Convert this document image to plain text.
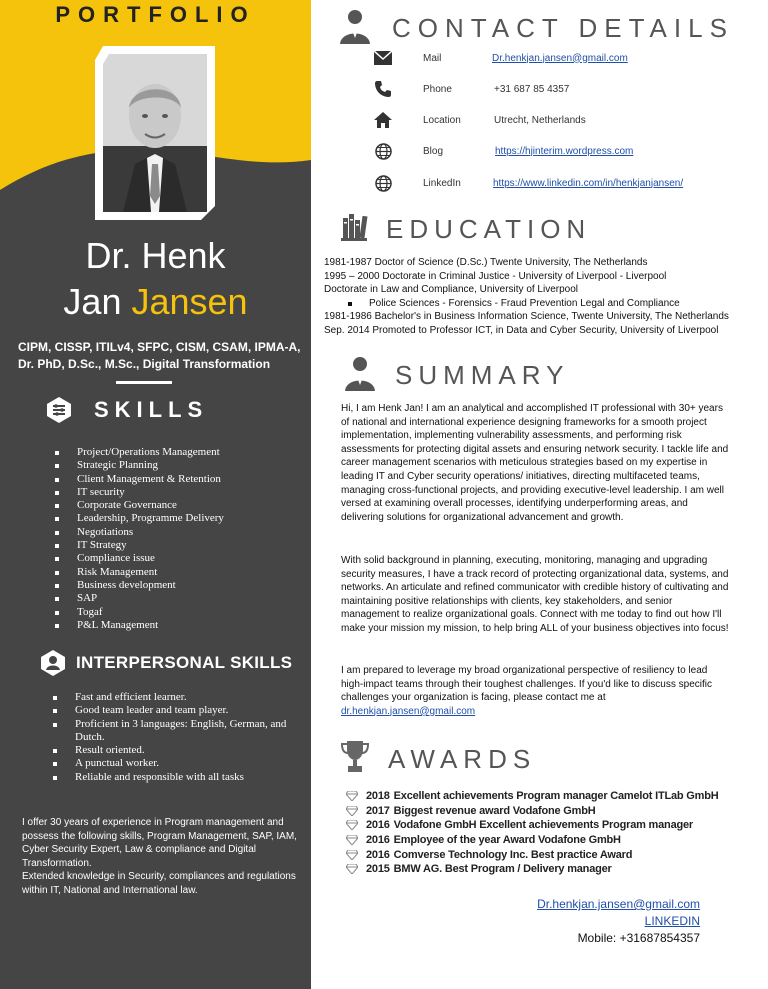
PORTFOLIO
Dr. Henk
Jan Jansen
CIPM, CISSP, ITILv4, SFPC, CISM, CSAM, IPMA-A, Dr. PhD, D.Sc., M.Sc., Digital Transformation
SKILLS
Project/Operations Management
Strategic Planning
Client Management & Retention
IT security
Corporate Governance
Leadership, Programme Delivery
Negotiations
IT Strategy
Compliance issue
Risk Management
Business development
SAP
Togaf
P&L Management
INTERPERSONAL SKILLS
Fast and efficient learner.
Good team leader and team player.
Proficient in 3 languages: English, German, and Dutch.
Result oriented.
A punctual worker.
Reliable and responsible with all tasks
I offer 30 years of experience in Program management and possess the following skills, Program Management, SAP, IAM, Cyber Security Expert, Law & compliance and Digital Transformation.
Extended knowledge in Security, compliances and regulations within IT, National and International law.
CONTACT DETAILS
Mail	Dr.henkjan.jansen@gmail.com
Phone	+31 687 85 4357
Location	Utrecht, Netherlands
Blog	https://hjinterim.wordpress.com
LinkedIn	https://www.linkedin.com/in/henkjanjansen/
EDUCATION
1981-1987 Doctor of Science (D.Sc.) Twente University, The Netherlands
1995 – 2000 Doctorate in Criminal Justice - University of Liverpool - Liverpool
Doctorate in Law and Compliance, University of Liverpool
Police Sciences - Forensics - Fraud Prevention Legal and Compliance
1981-1986 Bachelor's in Business Information Science, Twente University, The Netherlands
Sep. 2014 Promoted to Professor ICT, in Data and Cyber Security, University of Liverpool
SUMMARY
Hi, I am Henk Jan! I am an analytical and accomplished IT professional with 30+ years of national and international experience designing frameworks for a smooth project implementation, implementing vulnerability assessments, and performing risk assessments for protecting digital assets and ensuring network security. I tackle life and career management scenarios with meticulous strategies based on my expertise in leading IT and Cyber security operations/ initiatives, directing multifaceted teams, managing cross-functional projects, and providing executive-level leadership. I am well versed at examining overall processes, identifying underperforming areas, and delivering solutions for organizational advancement and growth.
With solid background in planning, executing, monitoring, managing and upgrading security measures, I have a track record of protecting organizational data, systems, and networks. An articulate and refined communicator with credible history of cultivating and maintaining positive relationships with clients, key stakeholders, and senior management to realize organizational goals. Connect with me today to find out how I'll make your mission my mission, to help bring ALL of your business objectives into focus!
I am prepared to leverage my broad organizational perspective of resiliency to lead high-impact teams through their toughest challenges. If you'd like to discuss specific challenges your organization is facing, please contact me at
dr.henkjan.jansen@gmail.com
AWARDS
2018 Excellent achievements Program manager Camelot ITLab GmbH
2017 Biggest revenue award Vodafone GmbH
2016 Vodafone GmbH Excellent achievements Program manager
2016 Employee of the year Award Vodafone GmbH
2016 Comverse Technology Inc. Best practice Award
2015 BMW AG. Best Program / Delivery manager
Dr.henkjan.jansen@gmail.com
LINKEDIN
Mobile: +31687854357
